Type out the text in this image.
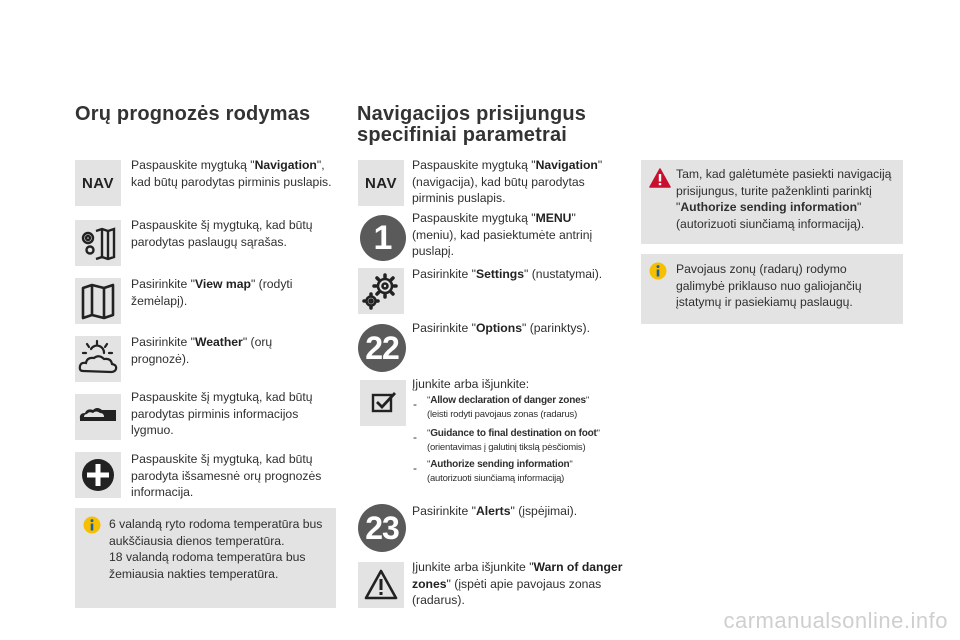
Orų prognozės rodymas
NAV
Paspauskite mygtuką "Navigation", kad būtų parodytas pirminis puslapis.
Paspauskite šį mygtuką, kad būtų parodytas paslaugų sąrašas.
Pasirinkite "View map" (rodyti žemėlapį).
Pasirinkite "Weather" (orų prognozė).
Paspauskite šį mygtuką, kad būtų parodytas pirminis informacijos lygmuo.
Paspauskite šį mygtuką, kad būtų parodyta išsamesnė orų prognozės informacija.
6 valandą ryto rodoma temperatūra bus aukščiausia dienos temperatūra.
18 valandą rodoma temperatūra bus žemiausia nakties temperatūra.
Navigacijos prisijungus
specifiniai parametrai
NAV
Paspauskite mygtuką "Navigation" (navigacija), kad būtų parodytas pirminis puslapis.
1
Paspauskite mygtuką "MENU" (meniu), kad pasiektumėte antrinį puslapį.
Pasirinkite "Settings" (nustatymai).
22
Pasirinkite "Options" (parinktys).
Įjunkite arba išjunkite:
- "Allow declaration of danger zones"
(leisti rodyti pavojaus zonas (radarus)
- "Guidance to final destination on foot"
(orientavimas į galutinį tikslą pėsčiomis)
- "Authorize sending information"
(autorizuoti siunčiamą informaciją)
23 Pasirinkite "Alerts" (įspėjimai).
Įjunkite arba išjunkite "Warn of danger zones" (įspėti apie pavojaus zonas (radarus).
Tam, kad galėtumėte pasiekti navigaciją prisijungus, turite paženklinti parinktį "Authorize sending information" (autorizuoti siunčiamą informaciją).
Pavojaus zonų (radarų) rodymo galimybė priklauso nuo galiojančių įstatymų ir pasiekiamų paslaugų.
carmanualsonline.info
